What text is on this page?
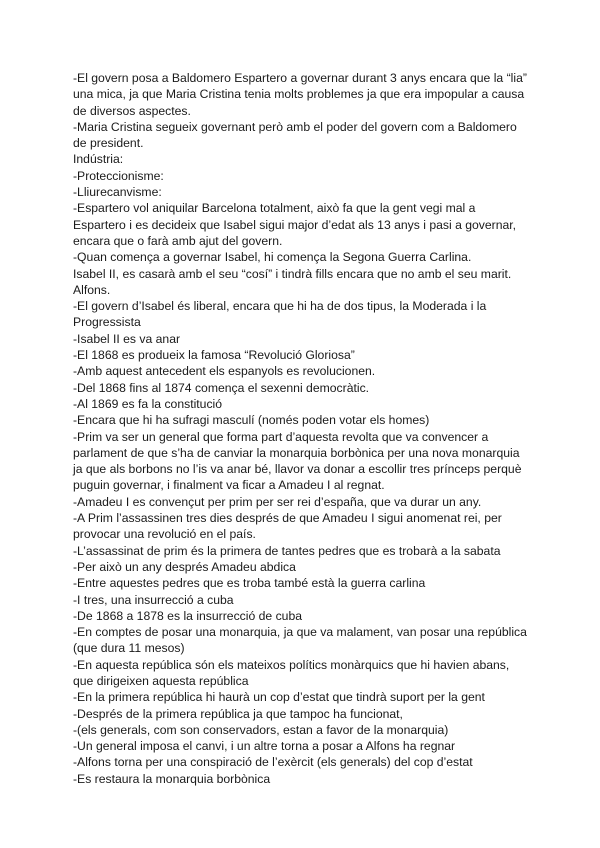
-El govern posa a Baldomero Espartero a governar durant 3 anys encara que la “lia”
una mica, ja que Maria Cristina tenia molts problemes ja que era impopular a causa
de diversos aspectes.
-Maria Cristina segueix governant però amb el poder del govern com a Baldomero
de president.
Indústria:
-Proteccionisme:
-Lliurecanvisme:
-Espartero vol aniquilar Barcelona totalment, això fa que la gent vegi mal a
Espartero i es decideix que Isabel sigui major d’edat als 13 anys i pasi a governar,
encara que o farà amb ajut del govern.
-Quan comença a governar Isabel, hi comença la Segona Guerra Carlina.
Isabel II, es casarà amb el seu “cosí” i tindrà fills encara que no amb el seu marit.
Alfons.
-El govern d’Isabel és liberal, encara que hi ha de dos tipus, la Moderada i la
Progressista
-Isabel II es va anar
-El 1868 es produeix la famosa “Revolució Gloriosa”
-Amb aquest antecedent els espanyols es revolucionen.
-Del 1868 fins al 1874 comença el sexenni democràtic.
-Al 1869 es fa la constitució
-Encara que hi ha sufragi masculí (només poden votar els homes)
-Prim va ser un general que forma part d’aquesta revolta que va convencer a
parlament de que s’ha de canviar la monarquia borbònica per una nova monarquia
ja que als borbons no l’is va anar bé, llavor va donar a escollir tres prínceps perquè
puguin governar, i finalment va ficar a Amadeu I al regnat.
-Amadeu I es convençut per prim per ser rei d’españa, que va durar un any.
-A Prim l’assassinen tres dies després de que Amadeu I sigui anomenat rei, per
provocar una revolució en el país.
-L’assassinat de prim és la primera de tantes pedres que es trobarà a la sabata
-Per això un any després Amadeu abdica
-Entre aquestes pedres que es troba també està la guerra carlina
-I tres, una insurrecció a cuba
-De 1868 a 1878 es la insurrecció de cuba
-En comptes de posar una monarquia, ja que va malament, van posar una república
(que dura 11 mesos)
-En aquesta república són els mateixos polítics monàrquics que hi havien abans,
que dirigeixen aquesta república
-En la primera república hi haurà un cop d’estat que tindrà suport per la gent
-Després de la primera república ja que tampoc ha funcionat,
-(els generals, com son conservadors, estan a favor de la monarquia)
-Un general imposa el canvi, i un altre torna a posar a Alfons ha regnar
-Alfons torna per una conspiració de l’exèrcit (els generals) del cop d’estat
-Es restaura la monarquia borbònica
